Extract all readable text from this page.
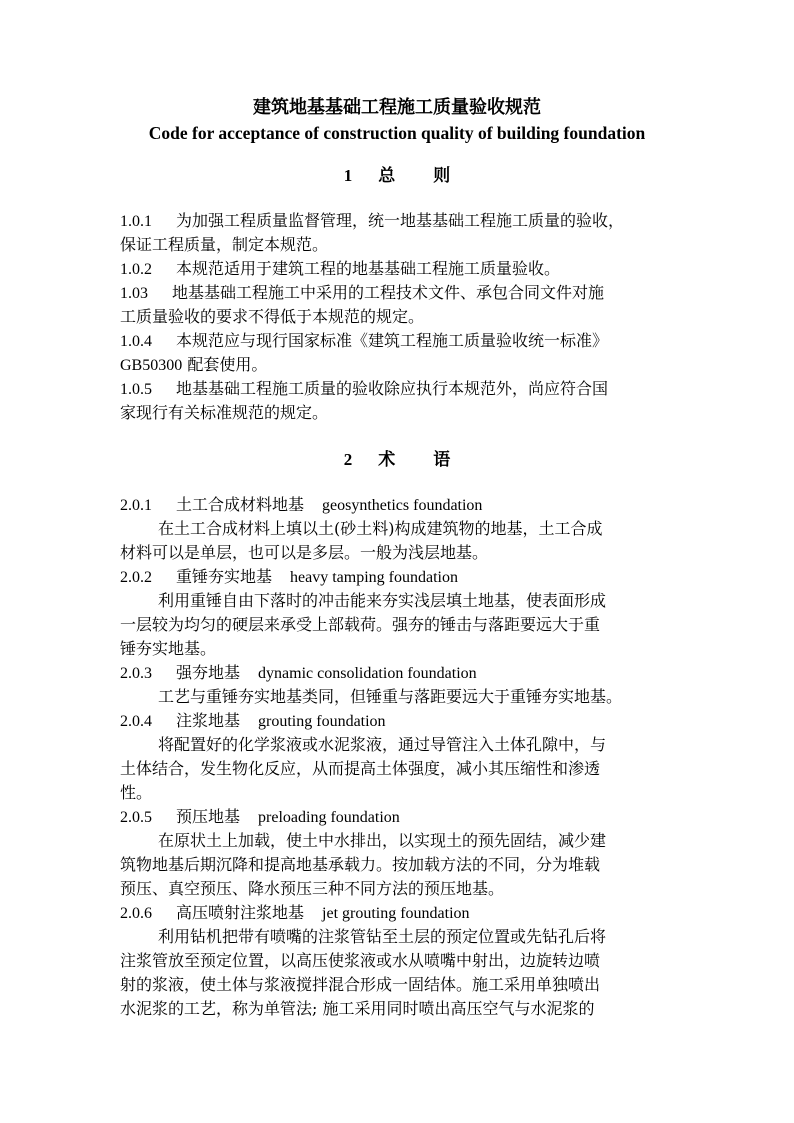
建筑地基基础工程施工质量验收规范
Code for acceptance of construction quality of building foundation
1 总 则
1.0.1 为加强工程质量监督管理，统一地基基础工程施工质量的验收，
保证工程质量，制定本规范。
1.0.2 本规范适用于建筑工程的地基基础工程施工质量验收。
1.03 地基基础工程施工中采用的工程技术文件、承包合同文件对施
工质量验收的要求不得低于本规范的规定。
1.0.4 本规范应与现行国家标准《建筑工程施工质量验收统一标准》
GB50300 配套使用。
1.0.5 地基基础工程施工质量的验收除应执行本规范外，尚应符合国
家现行有关标准规范的规定。
2 术 语
2.0.1 土工合成材料地基 geosynthetics foundation
在土工合成材料上填以土(砂土料)构成建筑物的地基，土工合成
材料可以是单层，也可以是多层。一般为浅层地基。
2.0.2 重锤夯实地基 heavy tamping foundation
利用重锤自由下落时的冲击能来夯实浅层填土地基，使表面形成
一层较为均匀的硬层来承受上部载荷。强夯的锤击与落距要远大于重
锤夯实地基。
2.0.3 强夯地基 dynamic consolidation foundation
工艺与重锤夯实地基类同，但锤重与落距要远大于重锤夯实地基。
2.0.4 注浆地基 grouting foundation
将配置好的化学浆液或水泥浆液，通过导管注入土体孔隙中，与
土体结合，发生物化反应，从而提高土体强度，减小其压缩性和渗透
性。
2.0.5 预压地基 preloading foundation
在原状土上加载，使土中水排出，以实现土的预先固结，减少建
筑物地基后期沉降和提高地基承载力。按加载方法的不同，分为堆载
预压、真空预压、降水预压三种不同方法的预压地基。
2.0.6 高压喷射注浆地基 jet grouting foundation
利用钻机把带有喷嘴的注浆管钻至土层的预定位置或先钻孔后将
注浆管放至预定位置，以高压使浆液或水从喷嘴中射出，边旋转边喷
射的浆液，使土体与浆液搅拌混合形成一固结体。施工采用单独喷出
水泥浆的工艺，称为单管法; 施工采用同时喷出高压空气与水泥浆的
